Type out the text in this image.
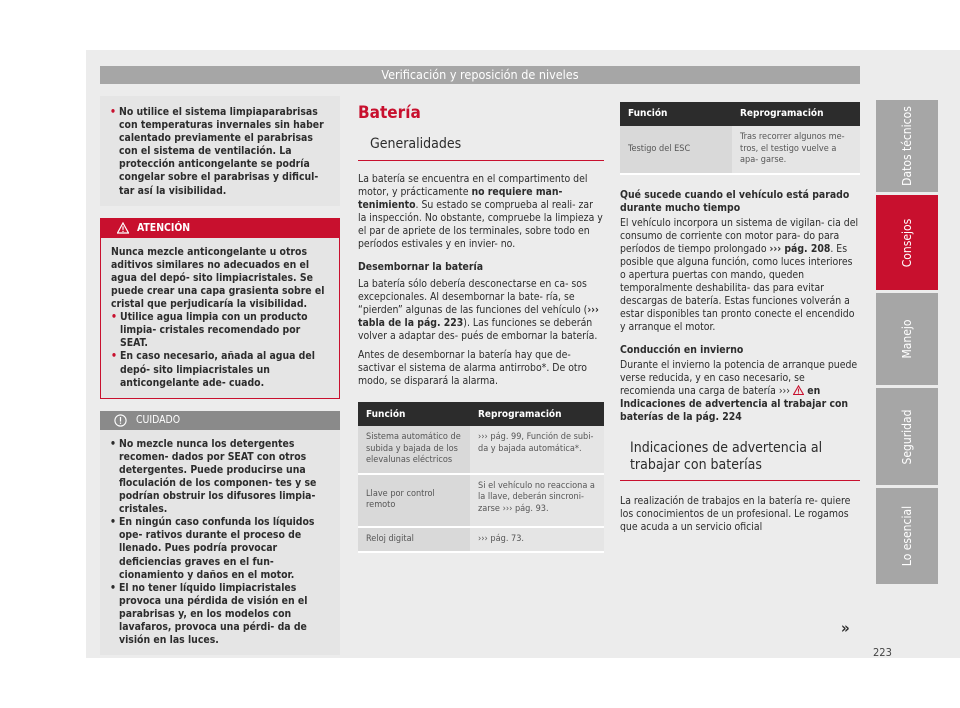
Verificación y reposición de niveles
• No utilice el sistema limpiaparabrisas con temperaturas invernales sin haber calentado previamente el parabrisas con el sistema de ventilación. La protección anticongelante se podría congelar sobre el parabrisas y dificul- tar así la visibilidad.
ATENCIÓN
Nunca mezcle anticongelante u otros aditivos similares no adecuados en el agua del depó- sito limpiacristales. Se puede crear una capa grasienta sobre el cristal que perjudicaría la visibilidad.
• Utilice agua limpia con un producto limpia- cristales recomendado por SEAT.
• En caso necesario, añada al agua del depó- sito limpiacristales un anticongelante ade- cuado.
CUIDADO
• No mezcle nunca los detergentes recomen- dados por SEAT con otros detergentes. Puede producirse una floculación de los componen- tes y se podrían obstruir los difusores limpia- cristales.
• En ningún caso confunda los líquidos ope- rativos durante el proceso de llenado. Pues podría provocar deficiencias graves en el fun- cionamiento y daños en el motor.
• El no tener líquido limpiacristales provoca una pérdida de visión en el parabrisas y, en los modelos con lavafaros, provoca una pérdi- da de visión en las luces.
Batería
Generalidades

La batería se encuentra en el compartimento del motor, y prácticamente no requiere man- tenimiento. Su estado se comprueba al reali- zar la inspección. No obstante, compruebe la limpieza y el par de apriete de los terminales, sobre todo en períodos estivales y en invier- no.

Desembornar la batería

La batería sólo debería desconectarse en ca- sos excepcionales. Al desembornar la bate- ría, se “pierden” algunas de las funciones del vehículo (››› tabla de la pág. 223). Las funciones se deberán volver a adaptar des- pués de embornar la batería.

Antes de desembornar la batería hay que de- sactivar el sistema de alarma antirrobo*. De otro modo, se disparará la alarma.

Función	Reprogramación
Sistema automático de subida y bajada de los elevalunas eléctricos	››› pág. 99, Función de subi- da y bajada automática*.
Llave por control remoto	Si el vehículo no reacciona a la llave, deberán sincroni- zarse ››› pág. 93.
Reloj digital	››› pág. 73.
Función	Reprogramación
Testigo del ESC	Tras recorrer algunos me- tros, el testigo vuelve a apa- garse.
Qué sucede cuando el vehículo está parado durante mucho tiempo

El vehículo incorpora un sistema de vigilan- cia del consumo de corriente con motor para- do para períodos de tiempo prolongado ››› pág. 208. Es posible que alguna función, como luces interiores o apertura puertas con mando, queden temporalmente deshabilita- das para evitar descargas de batería. Estas funciones volverán a estar disponibles tan pronto conecte el encendido y arranque el motor.

Conducción en invierno

Durante el invierno la potencia de arranque puede verse reducida, y en caso necesario, se recomienda una carga de batería ›››  en Indicaciones de advertencia al trabajar con baterías de la pág. 224

Indicaciones de advertencia al trabajar con baterías

La realización de trabajos en la batería re- quiere los conocimientos de un profesional. Le rogamos que acuda a un servicio oficial

»
Datos técnicos
Consejos
Manejo
Seguridad
Lo esencial
223
